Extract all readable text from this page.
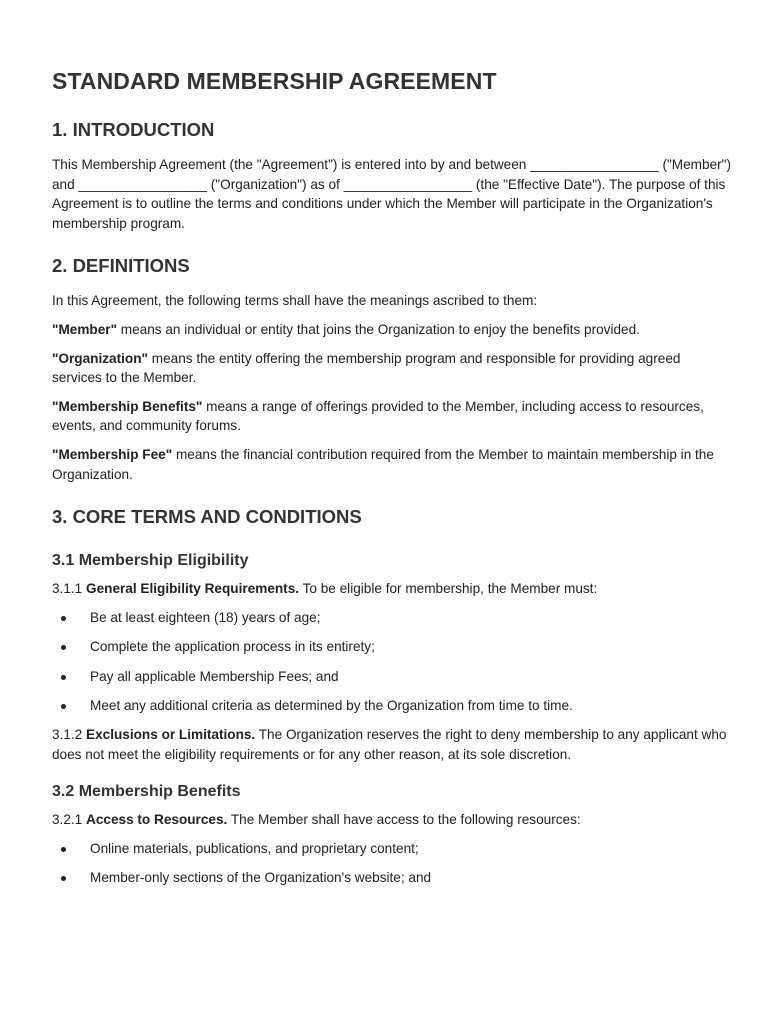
STANDARD MEMBERSHIP AGREEMENT
1. INTRODUCTION

This Membership Agreement (the "Agreement") is entered into by and between _________________ ("Member") and _________________ ("Organization") as of _________________ (the "Effective Date"). The purpose of this Agreement is to outline the terms and conditions under which the Member will participate in the Organization's membership program.

2. DEFINITIONS

In this Agreement, the following terms shall have the meanings ascribed to them:

"Member" means an individual or entity that joins the Organization to enjoy the benefits provided.

"Organization" means the entity offering the membership program and responsible for providing agreed services to the Member.

"Membership Benefits" means a range of offerings provided to the Member, including access to resources, events, and community forums.

"Membership Fee" means the financial contribution required from the Member to maintain membership in the Organization.

3. CORE TERMS AND CONDITIONS
3.1 Membership Eligibility

3.1.1 General Eligibility Requirements. To be eligible for membership, the Member must:

Be at least eighteen (18) years of age;
Complete the application process in its entirety;
Pay all applicable Membership Fees; and
Meet any additional criteria as determined by the Organization from time to time.

3.1.2 Exclusions or Limitations. The Organization reserves the right to deny membership to any applicant who does not meet the eligibility requirements or for any other reason, at its sole discretion.

3.2 Membership Benefits

3.2.1 Access to Resources. The Member shall have access to the following resources:

Online materials, publications, and proprietary content;
Member-only sections of the Organization's website; and
